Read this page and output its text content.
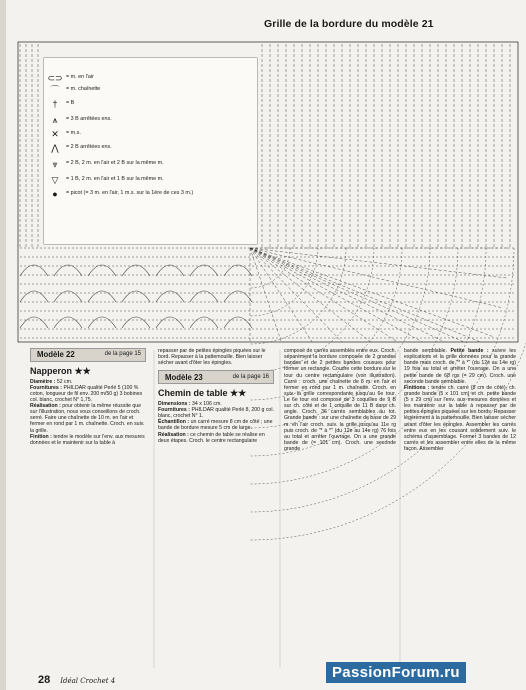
Grille de la bordure du modèle 21
⊂⊃ = m. en l'air
⌒	= m. chaînette
†	= B
⩚	= 3 B arrêtées ens.
✕	= m.s.
⋀	= 2 B arrêtées ens.
⩔	= 2 B, 2 m. en l'air et 2 B sur la même m.
▽	= 1 B, 2 m. en l'air et 1 B sur la même m.
●	= picot (= 3 m. en l'air, 1 m.s. sur la 1ère de ces 3 m.)
Modèle 22	de la page 15
Napperon ★★
Diamètre : 52 cm.
Fournitures : PHILDAR qualité Perlé 5 (100 % coton, longueur de fil env. 200 m/50 g) 3 bobines col. blanc, crochet N° 1,75.
Réalisation : pour obtenir la même réussite que sur l'illustration, nous vous conseillons de croch. serré. Faire une chaînette de 10 m. en l'air et fermer en rond par 1 m. chaînette. Croch. en suiv. la grille.
Finition : tendre le modèle sur l'env. aux mesures données et le maintenir sur la table à
repasser par de petites épingles piquées sur le bord. Repasser à la pattemouille. Bien laisser sécher avant d'ôter les épingles.
Modèle 23	de la page 16
Chemin de table ★★
Dimensions : 34 x 106 cm.
Fournitures : PHILDAR qualité Perlé 8, 200 g col. blanc, crochet N° 1.
Échantillon : un carré mesure 8 cm de côté ; une bande de bordure mesure 5 cm de large.
Réalisation : ce chemin de table se réalise en deux étapes. Croch. le centre rectangulaire
composé de carrés assemblés entre eux. Croch. séparément la bordure composée de 2 grandes bandes et de 2 petites bandes cousues pour former un rectangle. Coudre cette bordure sur le tour du centre rectangulaire (voir illustration). Carré : croch. une chaînette de 8 m. en l'air et fermer en rond par 1 m. chaînette. Croch. en suiv. la grille correspondante jusqu'au 6e tour. Le 6e tour est composé de 3 coquilles de 9 B sur ch. côté et de 1 coquille de 11 B dans ch. angle. Croch. 36 carrés semblables au tot. Grande bande : sur une chaînette de base de 29 m. en l'air croch. suiv. la grille jusqu'au 11e rg puis croch. de "* à *" (du 12e au 14e rg) 76 fois au total et arrêter l'ouvrage. On a une grande bande de (= 101 cm). Croch. une seconde grande
bande semblable. Petite bande : suivre les explications et la grille données pour la grande bande mais croch. de "* à *" (du 12e au 14e rg) 19 fois au total et arrêter l'ouvrage. On a une petite bande de 68 rgs (= 29 cm). Croch. une seconde bande semblable.
Finitions : tendre ch. carré (8 cm de côté), ch. grande bande (5 x 101 cm) et ch. petite bande (5 x 29 cm) sur l'env. aux mesures données et les maintenir sur la table à repasser par de petites épingles piquées sur les bords. Repasser légèrement à la pattemouille. Bien laisser sécher avant d'ôter les épingles. Assembler les carrés entre eux en les cousant solidement suiv. le schéma d'assemblage. Former 3 bandes de 12 carrés et les assembler entre elles de la même façon. Assembler
28 Idéal Crochet 4	PassionForum.ru
